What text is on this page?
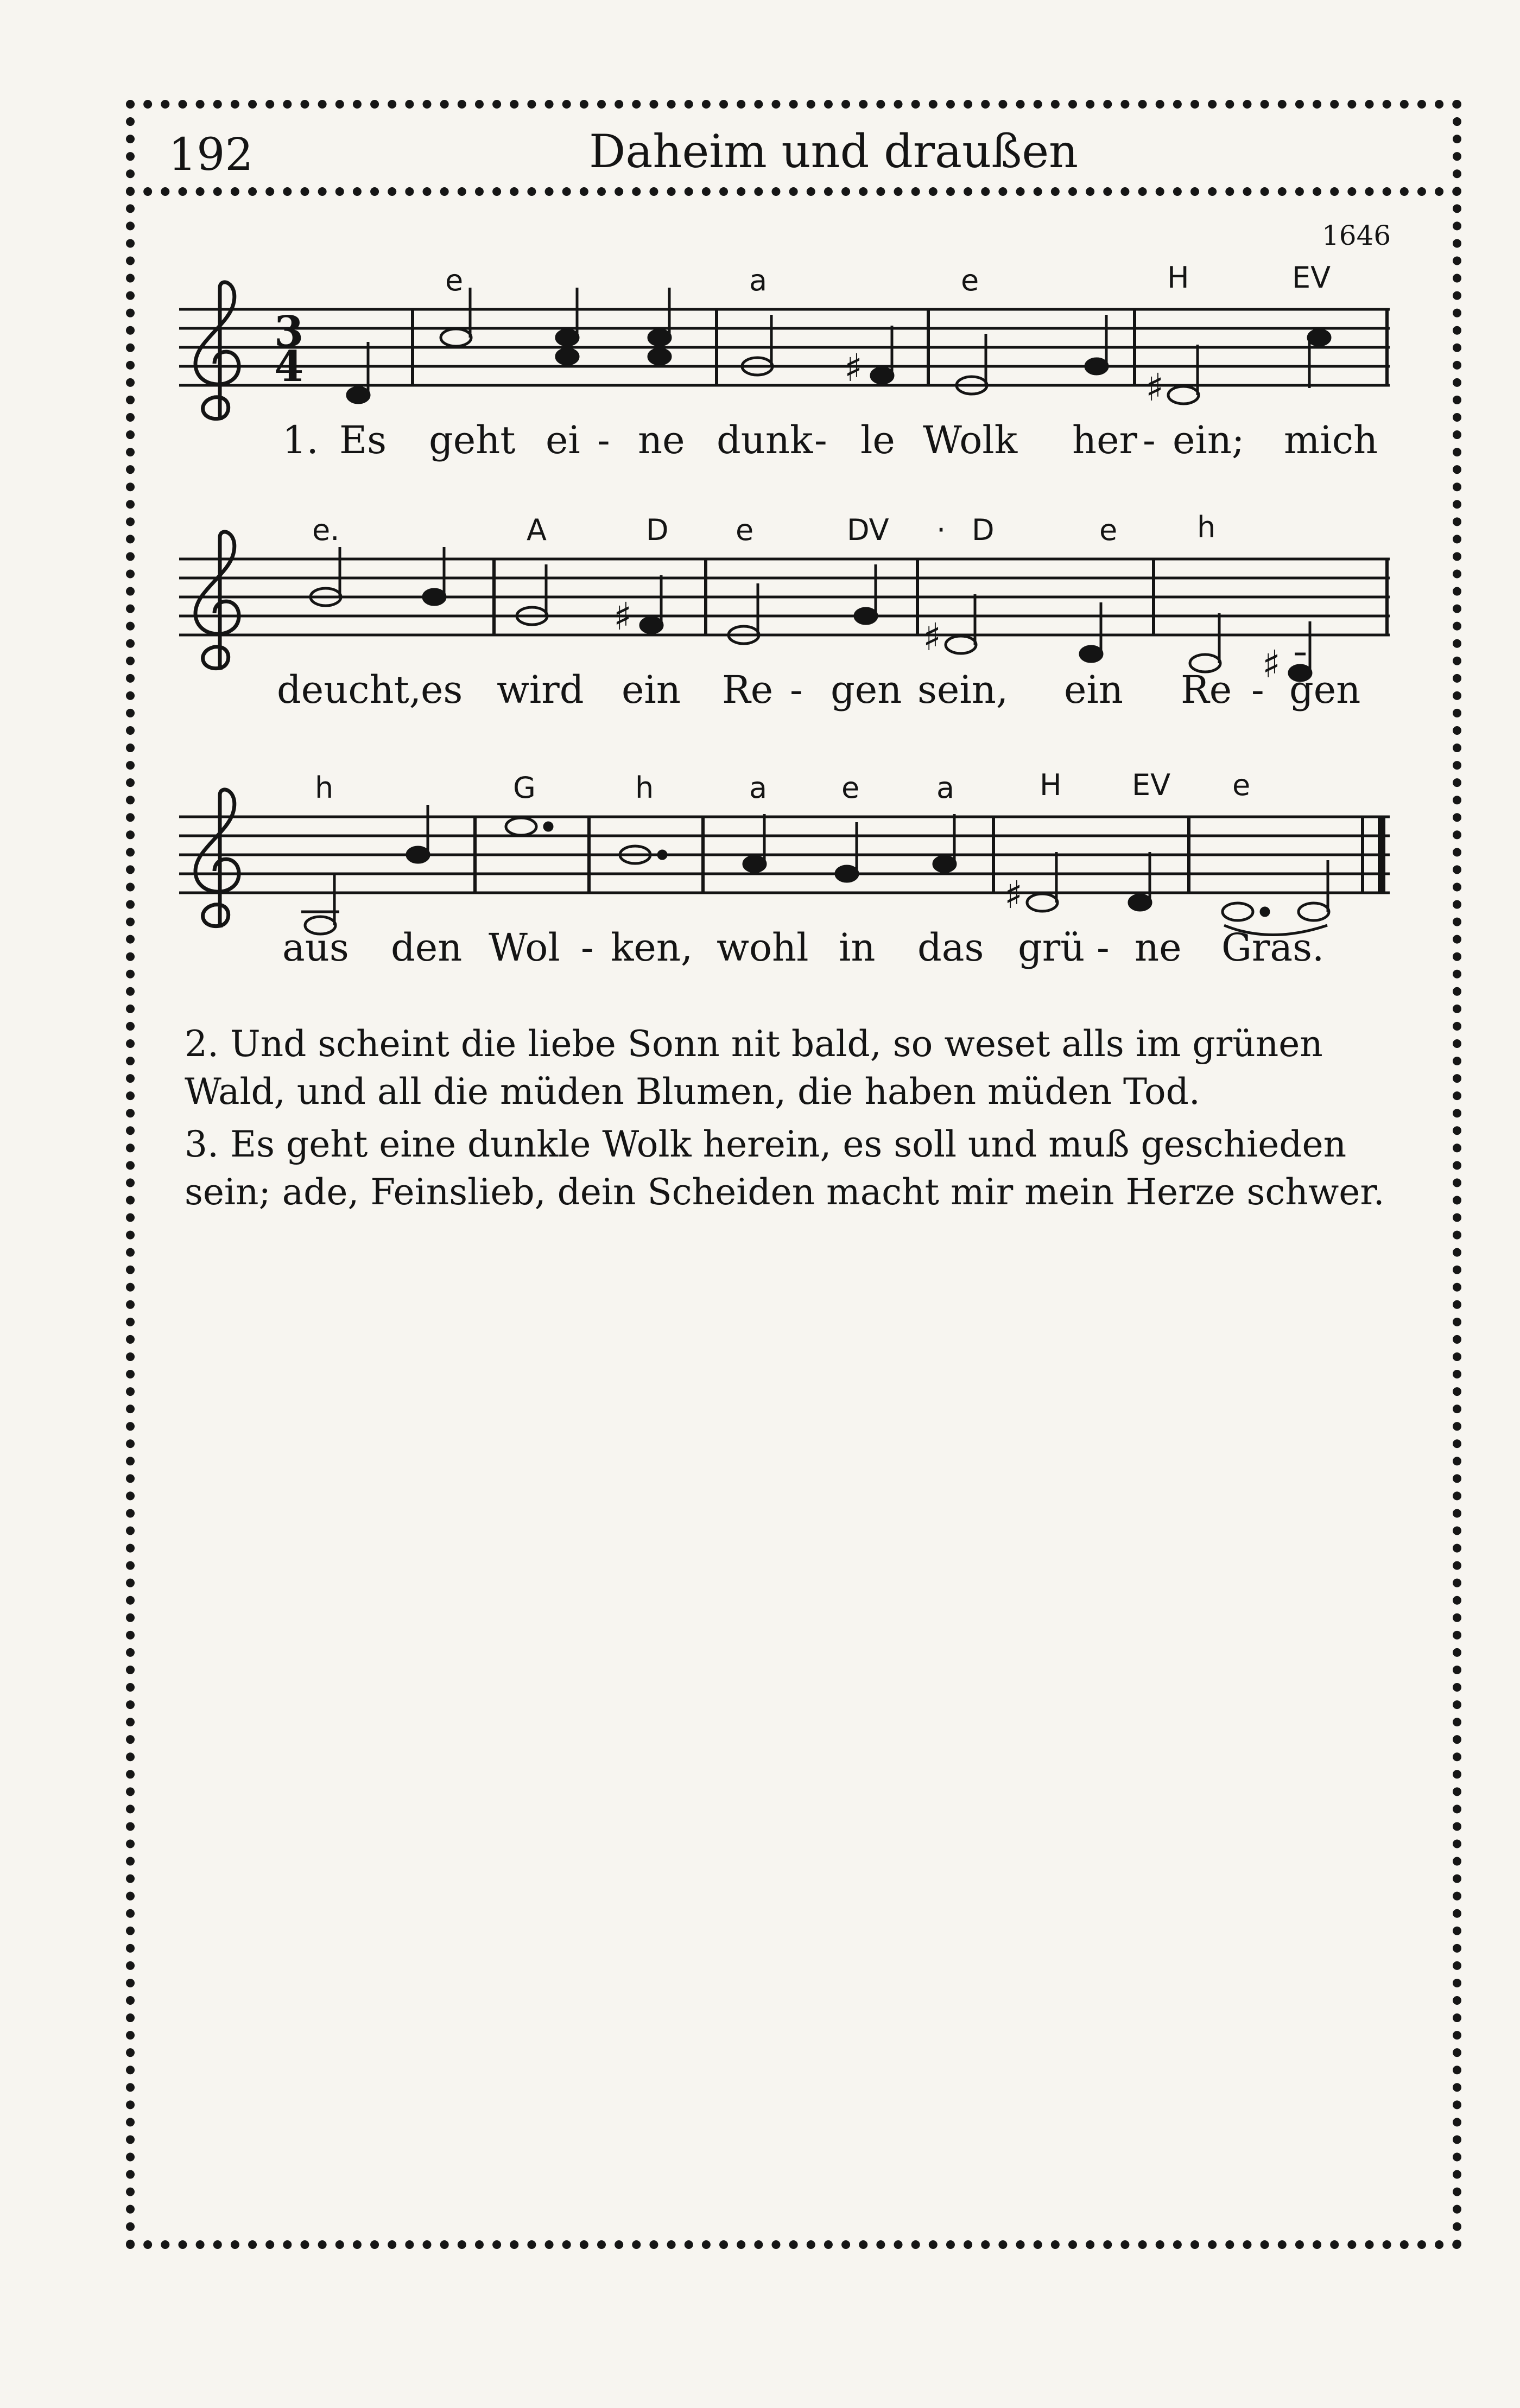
192	Daheim und draußen
1646
e	a	e	H	EV
3
4	♯	♯
1. Es geht ei - ne dunk - le Wolk her - ein; mich
e.	A	D e	DV · D	e	h
♯	♯
♯
deucht, es wird ein Re - gen sein, ein Re - gen
h	G	h	a	e	a	H EV e
♯
aus den Wol - ken, wohl in das grü - ne Gras.
2. Und scheint die liebe Sonn nit bald, so weset alls im grünen Wald, und all die müden Blumen, die haben müden Tod.
3. Es geht eine dunkle Wolk herein, es soll und muß geschieden sein; ade, Feinslieb, dein Scheiden macht mir mein Herze schwer.
